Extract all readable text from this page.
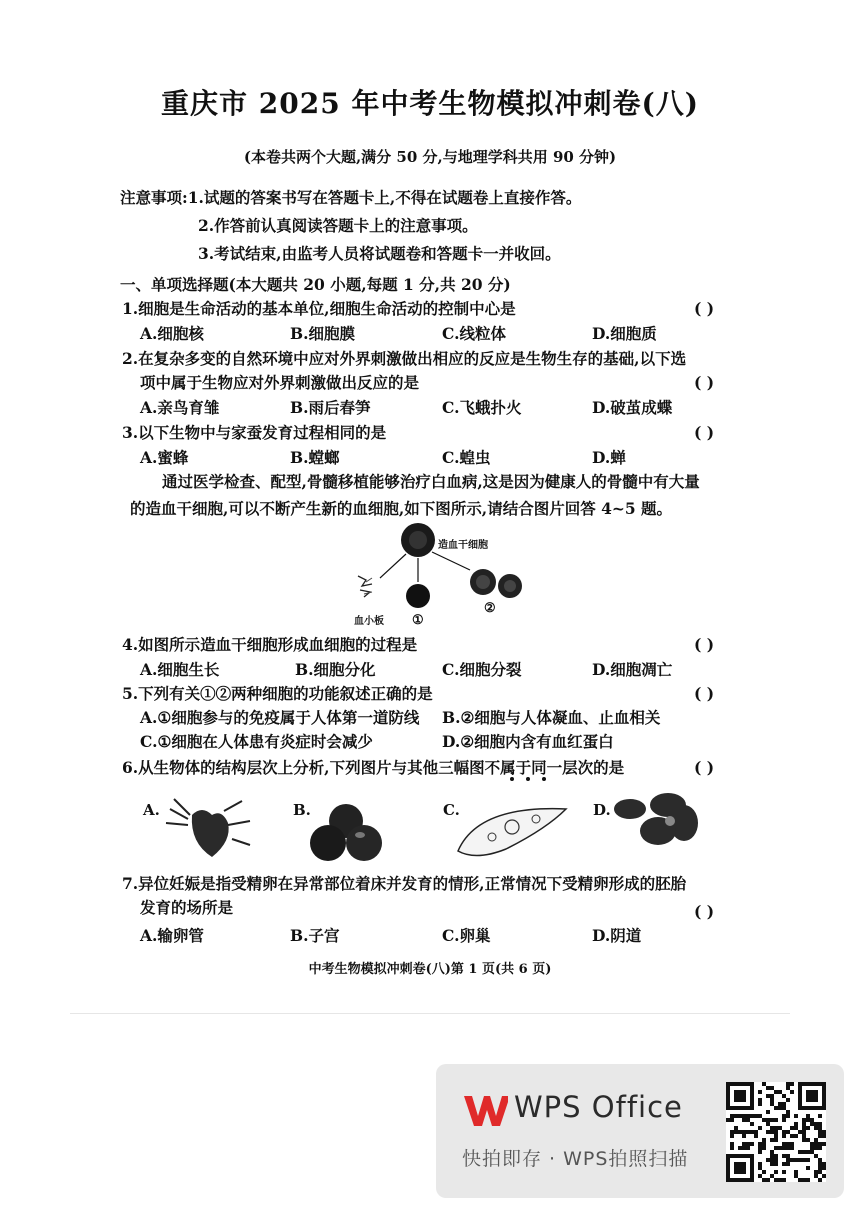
重庆市 2025 年中考生物模拟冲刺卷(八)
(本卷共两个大题,满分 50 分,与地理学科共用 90 分钟)
注意事项:1.试题的答案书写在答题卡上,不得在试题卷上直接作答。
2.作答前认真阅读答题卡上的注意事项。
3.考试结束,由监考人员将试题卷和答题卡一并收回。
一、单项选择题(本大题共 20 小题,每题 1 分,共 20 分)
1.细胞是生命活动的基本单位,细胞生命活动的控制中心是	( )
A.细胞核	B.细胞膜	C.线粒体	D.细胞质
2.在复杂多变的自然环境中应对外界刺激做出相应的反应是生物生存的基础,以下选
项中属于生物应对外界刺激做出反应的是	( )
A.亲鸟育雏	B.雨后春笋	C.飞蛾扑火	D.破茧成蝶
3.以下生物中与家蚕发育过程相同的是	( )
A.蜜蜂	B.螳螂	C.蝗虫	D.蝉
通过医学检查、配型,骨髓移植能够治疗白血病,这是因为健康人的骨髓中有大量
的造血干细胞,可以不断产生新的血细胞,如下图所示,请结合图片回答 4~5 题。
造血干细胞
血小板 ①
②
4.如图所示造血干细胞形成血细胞的过程是	( )
A.细胞生长	B.细胞分化	C.细胞分裂	D.细胞凋亡
5.下列有关①②两种细胞的功能叙述正确的是	( )
A.①细胞参与的免疫属于人体第一道防线 B.②细胞与人体凝血、止血相关
C.①细胞在人体患有炎症时会减少	D.②细胞内含有血红蛋白
6.从生物体的结构层次上分析,下列图片与其他三幅图不属于同一层次的是	( )
A.	B.	C.	D.
7.异位妊娠是指受精卵在异常部位着床并发育的情形,正常情况下受精卵形成的胚胎
发育的场所是	( )
A.输卵管	B.子宫	C.卵巢	D.阴道
中考生物模拟冲刺卷(八)第 1 页(共 6 页)
WPS Office
快拍即存 · WPS拍照扫描
